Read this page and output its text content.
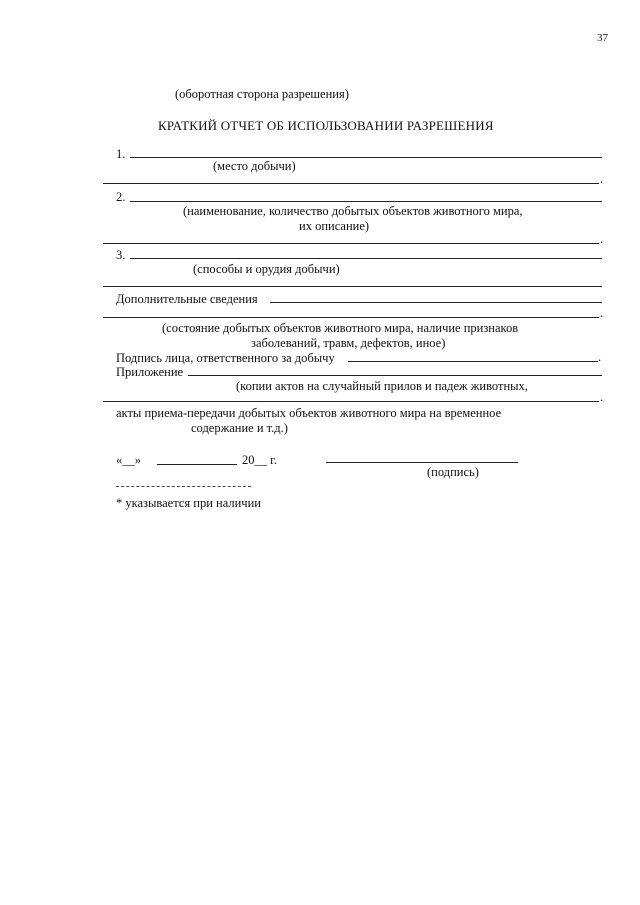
37
(оборотная сторона разрешения)
КРАТКИЙ ОТЧЕТ ОБ ИСПОЛЬЗОВАНИИ РАЗРЕШЕНИЯ
1.
(место добычи)
.
2.
(наименование, количество добытых объектов животного мира,
их описание)
.
3.
(способы и орудия добычи)
Дополнительные сведения
.
(состояние добытых объектов животного мира, наличие признаков
заболеваний, травм, дефектов, иное)
Подпись лица, ответственного за добычу	.
Приложение
(копии актов на случайный прилов и падеж животных,
.
акты приема-передачи добытых объектов животного мира на временное
содержание и т.д.)
«__»	20__ г.
(подпись)
* указывается при наличии
